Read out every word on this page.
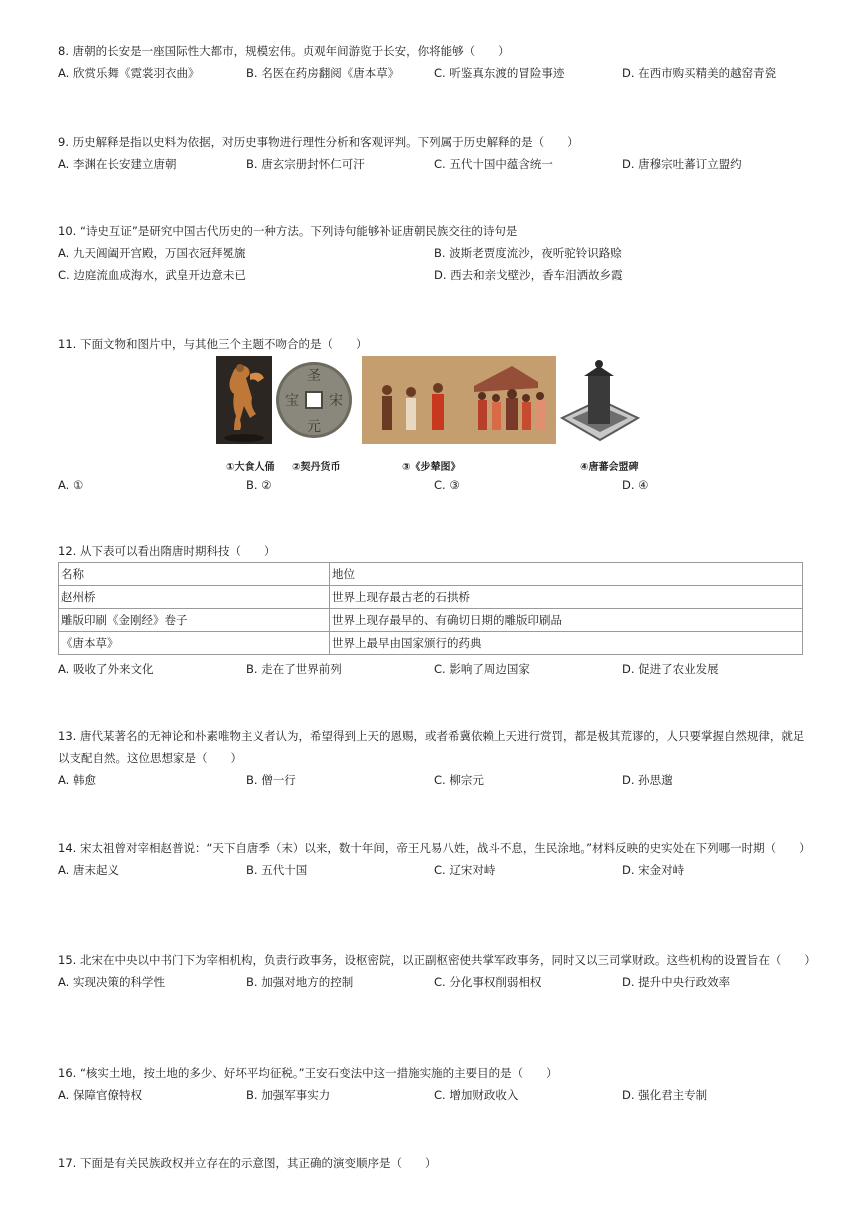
8. 唐朝的长安是一座国际性大都市，规模宏伟。贞观年间游览于长安，你将能够（　　）
A. 欣赏乐舞《霓裳羽衣曲》	B. 名医在药房翻阅《唐本草》	C. 听鉴真东渡的冒险事迹	D. 在西市购买精美的越窑青瓷
9. 历史解释是指以史料为依据，对历史事物进行理性分析和客观评判。下列属于历史解释的是（　　）
A. 李渊在长安建立唐朝	B. 唐玄宗册封怀仁可汗	C. 五代十国中蕴含统一	D. 唐穆宗吐蕃订立盟约
10. “诗史互证”是研究中国古代历史的一种方法。下列诗句能够补证唐朝民族交往的诗句是
A. 九天阊阖开宫殿，万国衣冠拜冕旒	B. 波斯老贾度流沙，夜听驼铃识路赊
C. 边庭流血成海水，武皇开边意未已	D. 西去和亲戈壁沙，香车泪洒故乡霞
11. 下面文物和图片中，与其他三个主题不吻合的是（　　）
圣
宋
元
宝
①大食人俑 ②契丹货币	③《步辇图》	④唐蕃会盟碑
A. ①	B. ②	C. ③	D. ④
12. 从下表可以看出隋唐时期科技（　　）
名称	地位
赵州桥	世界上现存最古老的石拱桥
雕版印刷《金刚经》卷子	世界上现存最早的、有确切日期的雕版印刷品
《唐本草》	世界上最早由国家颁行的药典
A. 吸收了外来文化	B. 走在了世界前列	C. 影响了周边国家	D. 促进了农业发展
13. 唐代某著名的无神论和朴素唯物主义者认为，希望得到上天的恩赐，或者希冀依赖上天进行赏罚，都是极其荒谬的，人只要掌握自然规律，就足以支配自然。这位思想家是（　　）
A. 韩愈	B. 僧一行	C. 柳宗元	D. 孙思邈
14. 宋太祖曾对宰相赵普说：“天下自唐季（末）以来，数十年间，帝王凡易八姓，战斗不息，生民涂地。”材料反映的史实处在下列哪一时期（　　）
A. 唐末起义	B. 五代十国	C. 辽宋对峙	D. 宋金对峙
15. 北宋在中央以中书门下为宰相机构，负责行政事务，设枢密院，以正副枢密使共掌军政事务，同时又以三司掌财政。这些机构的设置旨在（　　）
A. 实现决策的科学性	B. 加强对地方的控制	C. 分化事权削弱相权	D. 提升中央行政效率
16. “核实土地，按土地的多少、好坏平均征税。”王安石变法中这一措施实施的主要目的是（　　）
A. 保障官僚特权	B. 加强军事实力	C. 增加财政收入	D. 强化君主专制
17. 下面是有关民族政权并立存在的示意图，其正确的演变顺序是（　　）
